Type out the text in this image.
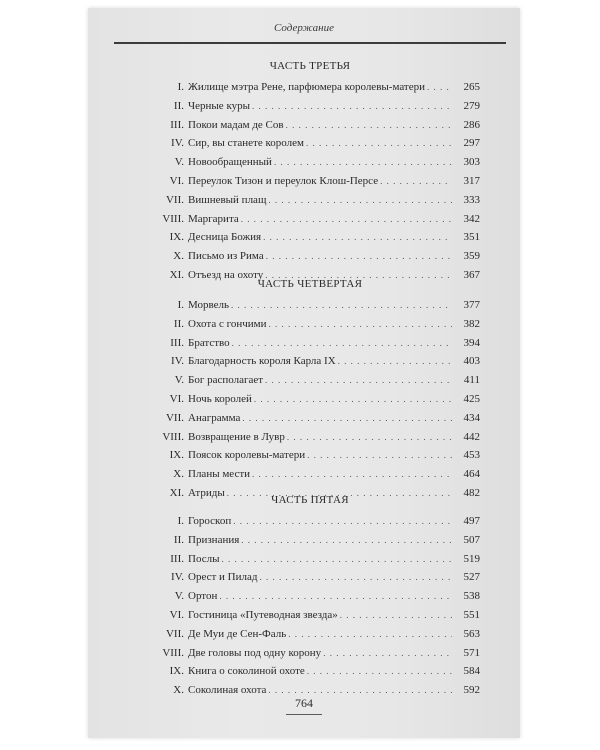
Содержание
ЧАСТЬ ТРЕТЬЯ
I. Жилище мэтра Рене, парфюмера королевы-матери . . .	265
II. Черные куры . . .	279
III. Покои мадам де Сов . . .	286
IV. Сир, вы станете королем . . .	297
V. Новообращенный . . .	303
VI. Переулок Тизон и переулок Клош-Персе . . .	317
VII. Вишневый плащ . . .	333
VIII. Маргарита . . .	342
IX. Десница Божия . . .	351
X. Письмо из Рима . . .	359
XI. Отъезд на охоту . . .	367
ЧАСТЬ ЧЕТВЕРТАЯ
I. Морвель . . .	377
II. Охота с гончими . . .	382
III. Братство . . .	394
IV. Благодарность короля Карла IX . . .	403
V. Бог располагает . . .	411
VI. Ночь королей . . .	425
VII. Анаграмма . . .	434
VIII. Возвращение в Лувр . . .	442
IX. Поясок королевы-матери . . .	453
X. Планы мести . . .	464
XI. Атриды . . .	482
ЧАСТЬ ПЯТАЯ
I. Гороскоп . . .	497
II. Признания . . .	507
III. Послы . . .	519
IV. Орест и Пилад . . .	527
V. Ортон . . .	538
VI. Гостиница «Путеводная звезда» . . .	551
VII. Де Муи де Сен-Фаль . . .	563
VIII. Две головы под одну корону . . .	571
IX. Книга о соколиной охоте . . .	584
X. Соколиная охота . . .	592
764
